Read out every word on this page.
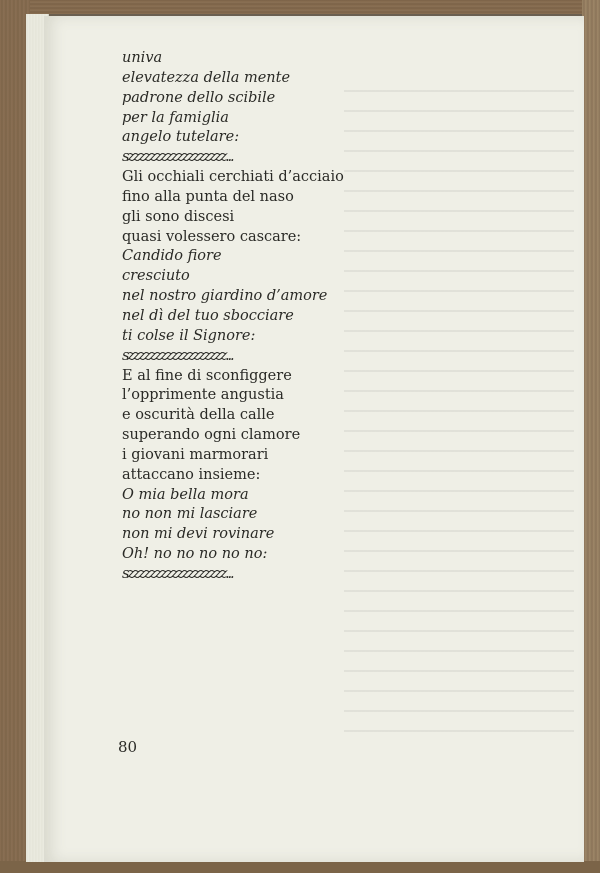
univa
elevatezza della mente
padrone dello scibile
per la famiglia
angelo tutelare:
szzzzzzzzzzzzzzzzzz...
Gli occhiali cerchiati d’acciaio
fino alla punta del naso
gli sono discesi
quasi volessero cascare:
Candido fiore
cresciuto
nel nostro giardino d’amore
nel dì del tuo sbocciare
ti colse il Signore:
szzzzzzzzzzzzzzzzzz...
E al fine di sconfiggere
l’opprimente angustia
e oscurità della calle
superando ogni clamore
i giovani marmorari
attaccano insieme:
O mia bella mora
no non mi lasciare
non mi devi rovinare
Oh! no no no no no:
szzzzzzzzzzzzzzzzzz...
80
